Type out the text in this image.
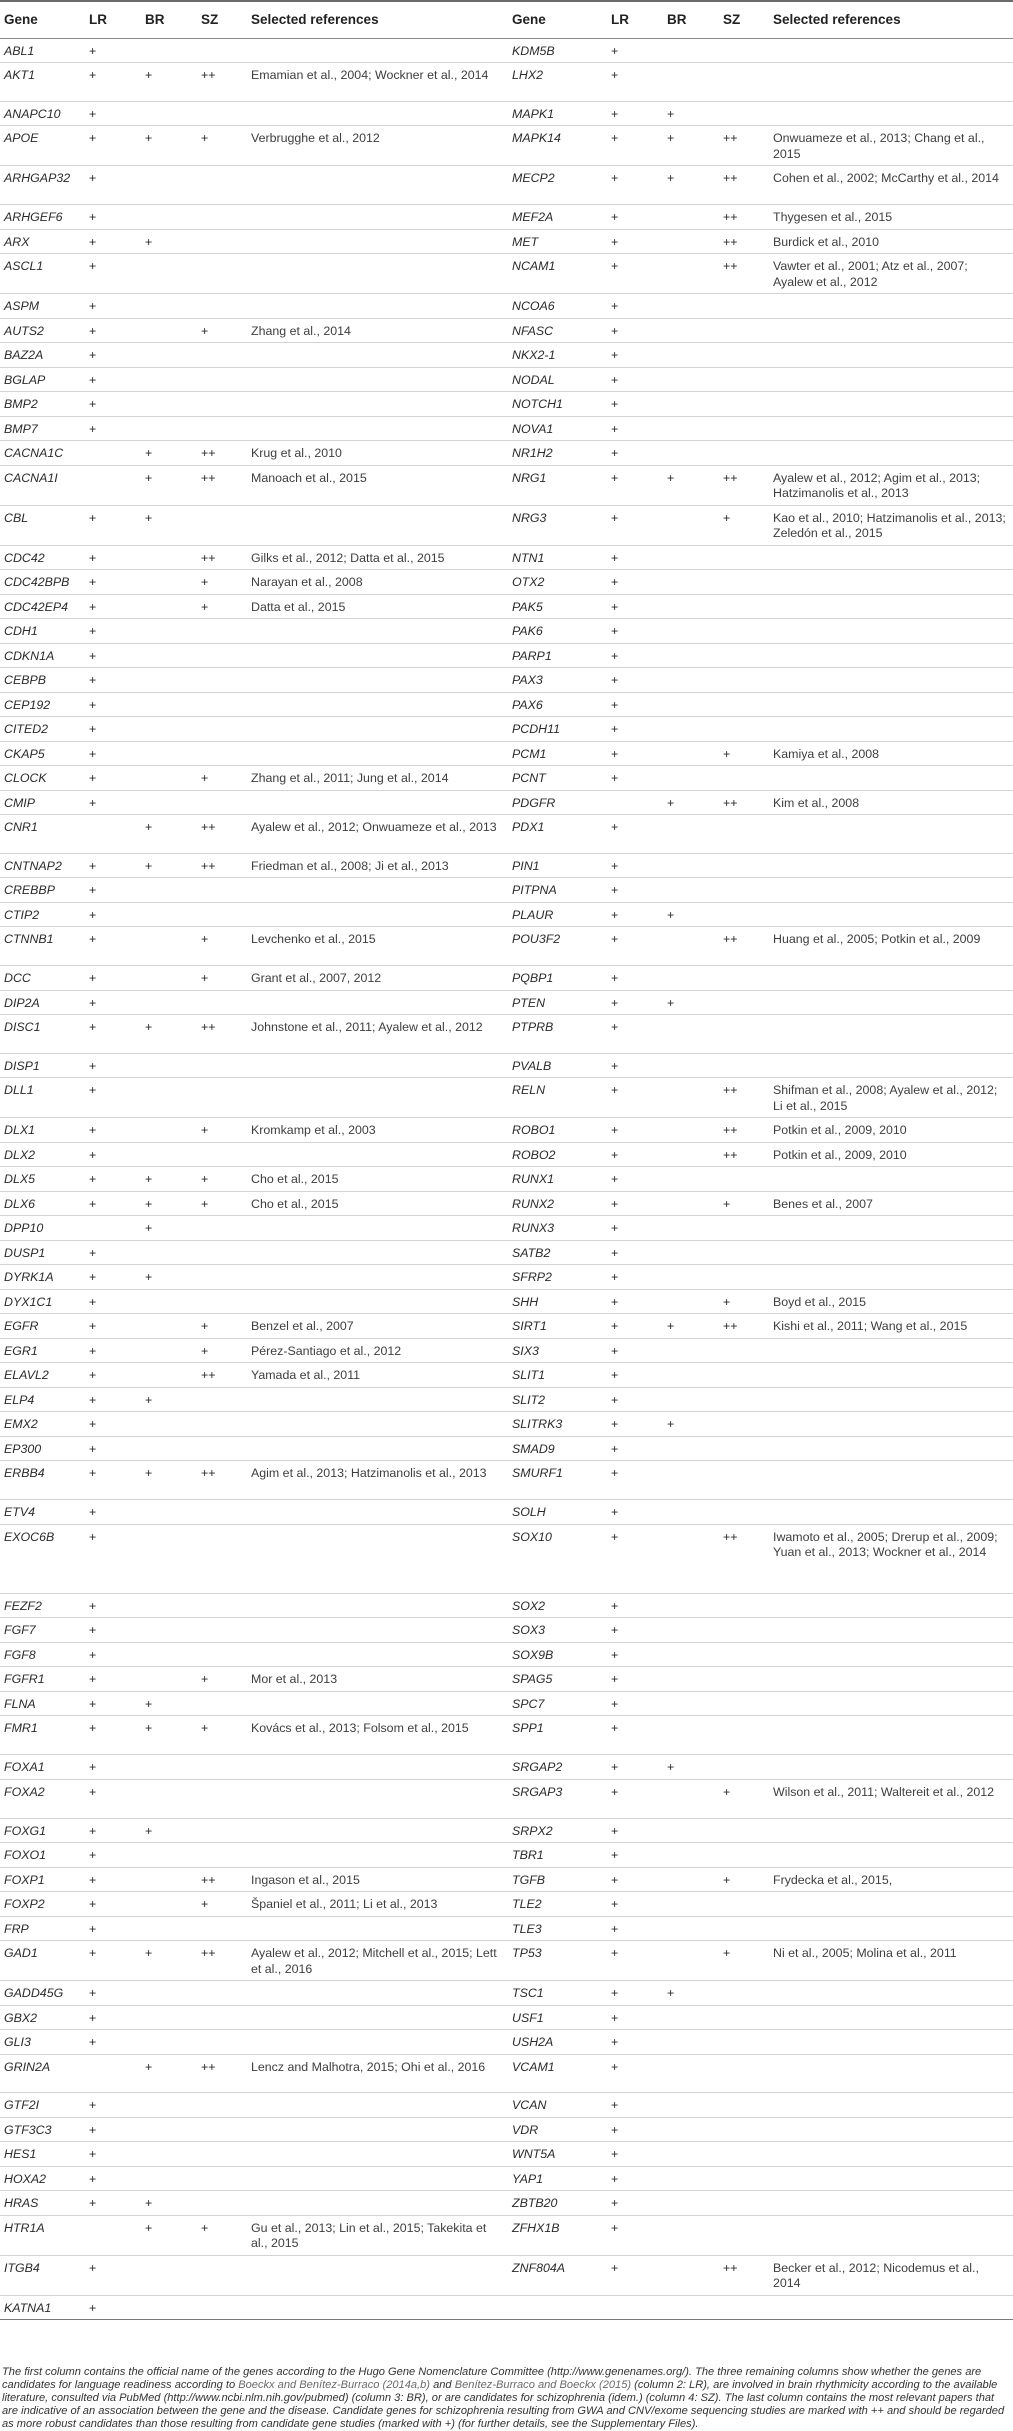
Gene	LR	BR	SZ	Selected references	Gene	LR	BR	SZ	Selected references
ABL1	+				KDM5B	+			
AKT1	+	+	++	Emamian et al., 2004; Wockner et al., 2014	LHX2	+			
ANAPC10	+				MAPK1	+	+		
APOE	+	+	+	Verbrugghe et al., 2012	MAPK14	+	+	++	Onwuameze et al., 2013; Chang et al., 2015
ARHGAP32	+				MECP2	+	+	++	Cohen et al., 2002; McCarthy et al., 2014
ARHGEF6	+				MEF2A	+		++	Thygesen et al., 2015
ARX	+	+			MET	+		++	Burdick et al., 2010
ASCL1	+				NCAM1	+		++	Vawter et al., 2001; Atz et al., 2007; Ayalew et al., 2012
ASPM	+				NCOA6	+			
AUTS2	+		+	Zhang et al., 2014	NFASC	+			
BAZ2A	+				NKX2-1	+			
BGLAP	+				NODAL	+			
BMP2	+				NOTCH1	+			
BMP7	+				NOVA1	+			
CACNA1C		+	++	Krug et al., 2010	NR1H2	+			
CACNA1I		+	++	Manoach et al., 2015	NRG1	+	+	++	Ayalew et al., 2012; Agim et al., 2013; Hatzimanolis et al., 2013
CBL	+	+			NRG3	+		+	Kao et al., 2010; Hatzimanolis et al., 2013; Zeledón et al., 2015
CDC42	+		++	Gilks et al., 2012; Datta et al., 2015	NTN1	+			
CDC42BPB	+		+	Narayan et al., 2008	OTX2	+			
CDC42EP4	+		+	Datta et al., 2015	PAK5	+			
CDH1	+				PAK6	+			
CDKN1A	+				PARP1	+			
CEBPB	+				PAX3	+			
CEP192	+				PAX6	+			
CITED2	+				PCDH11	+			
CKAP5	+				PCM1	+		+	Kamiya et al., 2008
CLOCK	+		+	Zhang et al., 2011; Jung et al., 2014	PCNT	+			
CMIP	+				PDGFR		+	++	Kim et al., 2008
CNR1		+	++	Ayalew et al., 2012; Onwuameze et al., 2013	PDX1	+			
CNTNAP2	+	+	++	Friedman et al., 2008; Ji et al., 2013	PIN1	+			
CREBBP	+				PITPNA	+			
CTIP2	+				PLAUR	+	+		
CTNNB1	+		+	Levchenko et al., 2015	POU3F2	+		++	Huang et al., 2005; Potkin et al., 2009
DCC	+		+	Grant et al., 2007, 2012	PQBP1	+			
DIP2A	+				PTEN	+	+		
DISC1	+	+	++	Johnstone et al., 2011; Ayalew et al., 2012	PTPRB	+			
DISP1	+				PVALB	+			
DLL1	+				RELN	+		++	Shifman et al., 2008; Ayalew et al., 2012; Li et al., 2015
DLX1	+		+	Kromkamp et al., 2003	ROBO1	+		++	Potkin et al., 2009, 2010
DLX2	+				ROBO2	+		++	Potkin et al., 2009, 2010
DLX5	+	+	+	Cho et al., 2015	RUNX1	+			
DLX6	+	+	+	Cho et al., 2015	RUNX2	+		+	Benes et al., 2007
DPP10		+			RUNX3	+			
DUSP1	+				SATB2	+			
DYRK1A	+	+			SFRP2	+			
DYX1C1	+				SHH	+		+	Boyd et al., 2015
EGFR	+		+	Benzel et al., 2007	SIRT1	+	+	++	Kishi et al., 2011; Wang et al., 2015
EGR1	+		+	Pérez-Santiago et al., 2012	SIX3	+			
ELAVL2	+		++	Yamada et al., 2011	SLIT1	+			
ELP4	+	+			SLIT2	+			
EMX2	+				SLITRK3	+	+		
EP300	+				SMAD9	+			
ERBB4	+	+	++	Agim et al., 2013; Hatzimanolis et al., 2013	SMURF1	+			
ETV4	+				SOLH	+			
EXOC6B	+				SOX10	+		++	Iwamoto et al., 2005; Drerup et al., 2009; Yuan et al., 2013; Wockner et al., 2014
FEZF2	+				SOX2	+			
FGF7	+				SOX3	+			
FGF8	+				SOX9B	+			
FGFR1	+		+	Mor et al., 2013	SPAG5	+			
FLNA	+	+			SPC7	+			
FMR1	+	+	+	Kovács et al., 2013; Folsom et al., 2015	SPP1	+			
FOXA1	+				SRGAP2	+	+		
FOXA2	+				SRGAP3	+		+	Wilson et al., 2011; Waltereit et al., 2012
FOXG1	+	+			SRPX2	+			
FOXO1	+				TBR1	+			
FOXP1	+		++	Ingason et al., 2015	TGFB	+		+	Frydecka et al., 2015,
FOXP2	+		+	Španiel et al., 2011; Li et al., 2013	TLE2	+			
FRP	+				TLE3	+			
GAD1	+	+	++	Ayalew et al., 2012; Mitchell et al., 2015; Lett et al., 2016	TP53	+		+	Ni et al., 2005; Molina et al., 2011
GADD45G	+				TSC1	+	+		
GBX2	+				USF1	+			
GLI3	+				USH2A	+			
GRIN2A		+	++	Lencz and Malhotra, 2015; Ohi et al., 2016	VCAM1	+			
GTF2I	+				VCAN	+			
GTF3C3	+				VDR	+			
HES1	+				WNT5A	+			
HOXA2	+				YAP1	+			
HRAS	+	+			ZBTB20	+			
HTR1A		+	+	Gu et al., 2013; Lin et al., 2015; Takekita et al., 2015	ZFHX1B	+			
ITGB4	+				ZNF804A	+		++	Becker et al., 2012; Nicodemus et al., 2014
KATNA1	+								
The first column contains the official name of the genes according to the Hugo Gene Nomenclature Committee (http://www.genenames.org/). The three remaining columns show whether the genes are candidates for language readiness according to Boeckx and Benítez-Burraco (2014a,b) and Benítez-Burraco and Boeckx (2015) (column 2: LR), are involved in brain rhythmicity according to the available literature, consulted via PubMed (http://www.ncbi.nlm.nih.gov/pubmed) (column 3: BR), or are candidates for schizophrenia (idem.) (column 4: SZ). The last column contains the most relevant papers that are indicative of an association between the gene and the disease. Candidate genes for schizophrenia resulting from GWA and CNV/exome sequencing studies are marked with ++ and should be regarded as more robust candidates than those resulting from candidate gene studies (marked with +) (for further details, see the Supplementary Files).
